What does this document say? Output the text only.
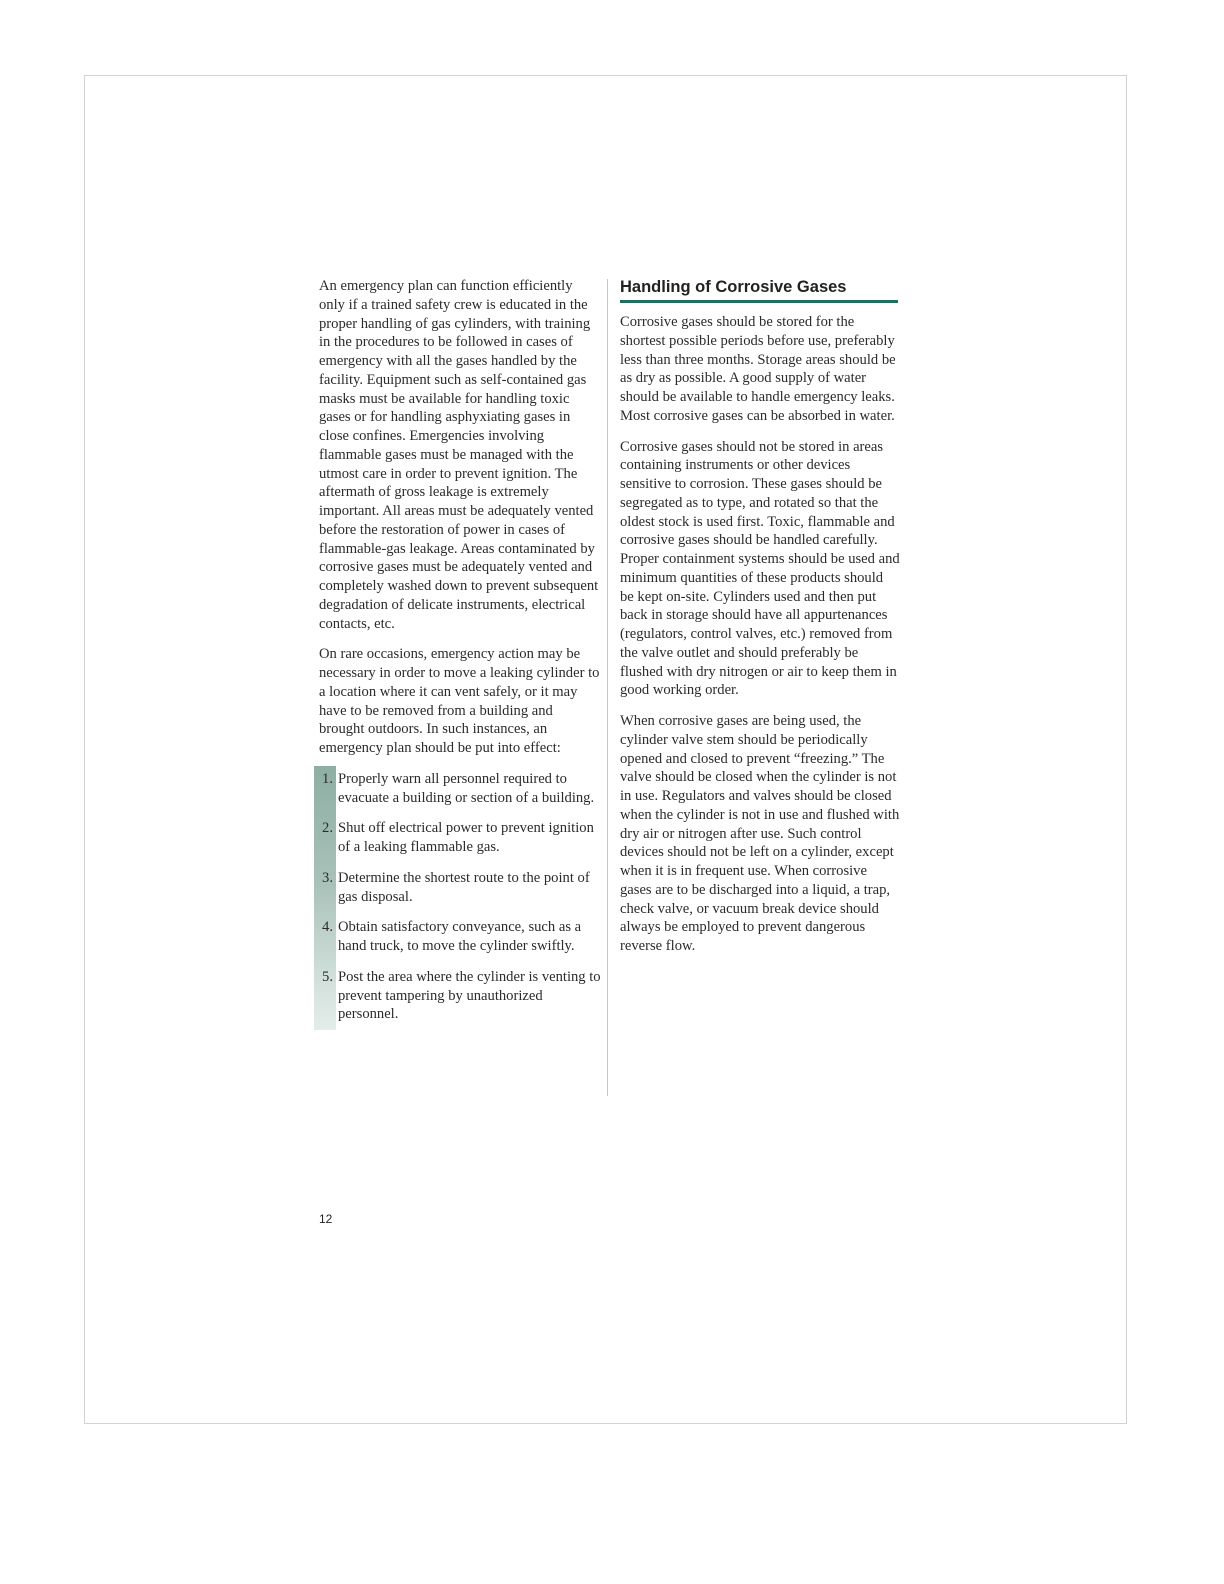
An emergency plan can function efficiently only if a trained safety crew is educated in the proper handling of gas cylinders, with training in the procedures to be followed in cases of emergency with all the gases handled by the facility. Equipment such as self-contained gas masks must be available for handling toxic gases or for handling asphyxiating gases in close confines. Emergencies involving flammable gases must be managed with the utmost care in order to prevent ignition. The aftermath of gross leakage is extremely important. All areas must be adequately vented before the restoration of power in cases of flammable-gas leakage. Areas contaminated by corrosive gases must be adequately vented and completely washed down to prevent subsequent degradation of delicate instruments, electrical contacts, etc.

On rare occasions, emergency action may be necessary in order to move a leaking cylinder to a location where it can vent safely, or it may have to be removed from a building and brought outdoors. In such instances, an emergency plan should be put into effect:

1. Properly warn all personnel required to evacuate a building or section of a building.
2. Shut off electrical power to prevent ignition of a leaking flammable gas.
3. Determine the shortest route to the point of gas disposal.
4. Obtain satisfactory conveyance, such as a hand truck, to move the cylinder swiftly.
5. Post the area where the cylinder is venting to prevent tampering by unauthorized personnel.
Handling of Corrosive Gases

Corrosive gases should be stored for the shortest possible periods before use, preferably less than three months. Storage areas should be as dry as possible. A good supply of water should be available to handle emergency leaks. Most corrosive gases can be absorbed in water.

Corrosive gases should not be stored in areas containing instruments or other devices sensitive to corrosion. These gases should be segregated as to type, and rotated so that the oldest stock is used first. Toxic, flammable and corrosive gases should be handled carefully. Proper containment systems should be used and minimum quantities of these products should be kept on-site. Cylinders used and then put back in storage should have all appurtenances (regulators, control valves, etc.) removed from the valve outlet and should preferably be flushed with dry nitrogen or air to keep them in good working order.

When corrosive gases are being used, the cylinder valve stem should be periodically opened and closed to prevent “freezing.” The valve should be closed when the cylinder is not in use. Regulators and valves should be closed when the cylinder is not in use and flushed with dry air or nitrogen after use. Such control devices should not be left on a cylinder, except when it is in frequent use. When corrosive gases are to be discharged into a liquid, a trap, check valve, or vacuum break device should always be employed to prevent dangerous reverse flow.

12
